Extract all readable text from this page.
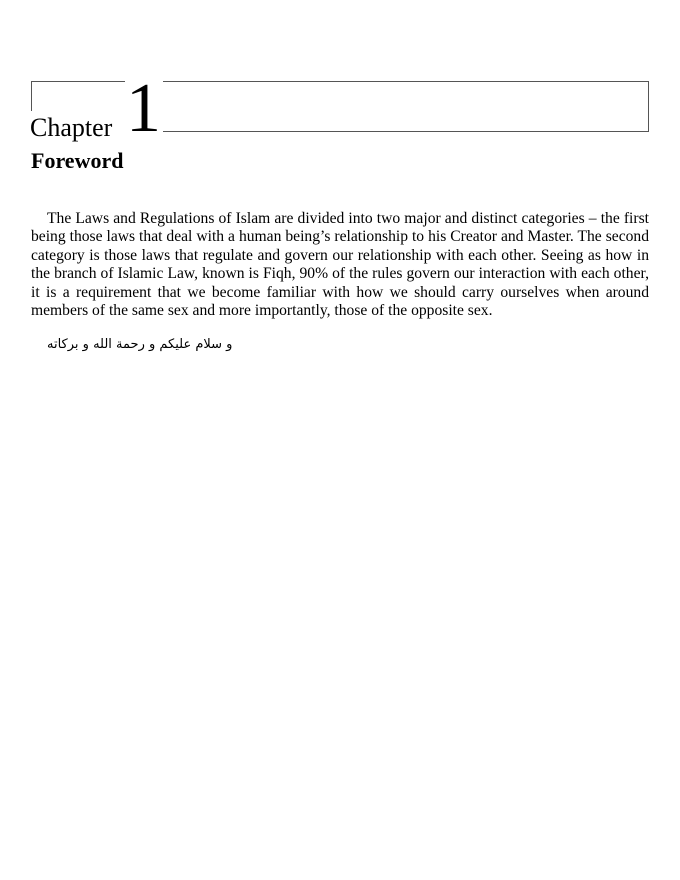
Chapter 1
Foreword

The Laws and Regulations of Islam are divided into two major and distinct categories – the first being those laws that deal with a human being’s relationship to his Creator and Master. The second category is those laws that regulate and govern our relationship with each other. Seeing as how in the branch of Islamic Law, known is Fiqh, 90% of the rules govern our interaction with each other, it is a requirement that we become familiar with how we should carry ourselves when around members of the same sex and more importantly, those of the opposite sex.

و سلام عليكم و رحمة الله و بركاته
